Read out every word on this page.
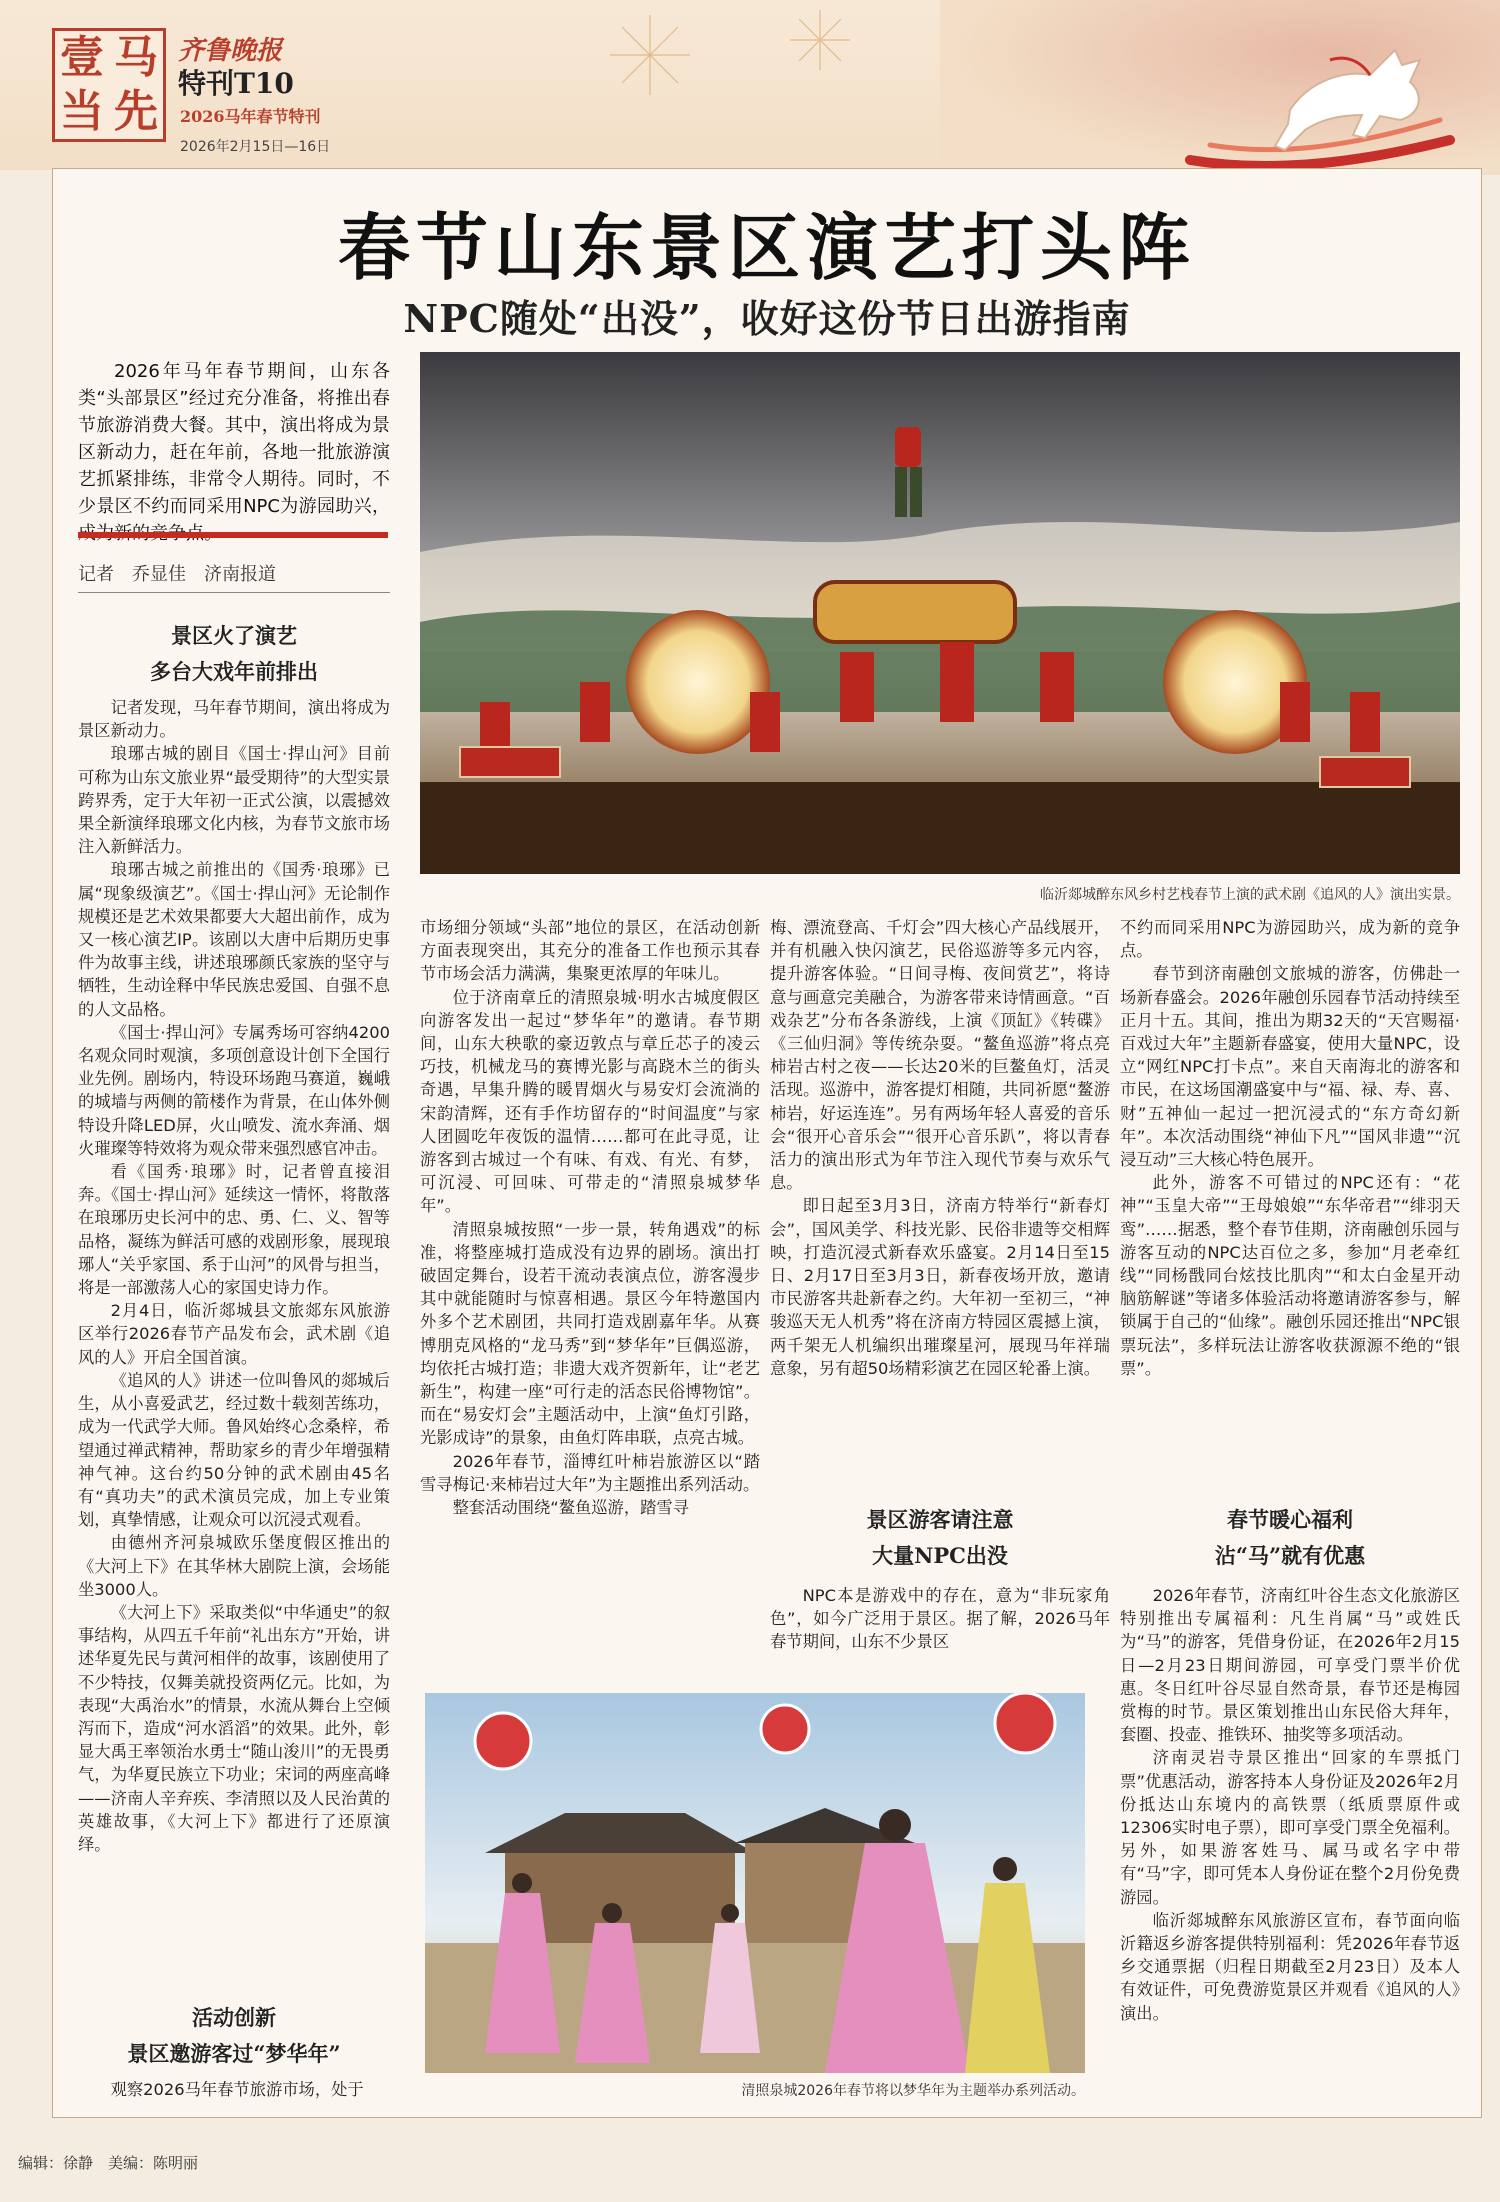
壹 马
当 先
齐鲁晚报
特刊T10
2026马年春节特刊
2026年2月15日—16日
春节山东景区演艺打头阵
NPC随处“出没”，收好这份节日出游指南

2026年马年春节期间，山东各类“头部景区”经过充分准备，将推出春节旅游消费大餐。其中，演出将成为景区新动力，赶在年前，各地一批旅游演艺抓紧排练，非常令人期待。同时，不少景区不约而同采用NPC为游园助兴，

记者　乔显佳　济南报道
景区火了演艺
多台大戏年前排出

记者发现，马年春节期间，演出将成为景区新动力。

琅琊古城的剧目《国士·捍山河》目前可称为山东文旅业界“最受期待”的大型实景跨界秀，定于大年初一正式公演，以震撼效果全新演绎琅琊文化内核，为春节文旅市场注入新鲜活力。

琅琊古城之前推出的《国秀·琅琊》已属“现象级演艺”。《国士·捍山河》无论制作规模还是艺术效果都要大大超出前作，成为又一核心演艺IP。该剧以大唐中后期历史事件为故事主线，讲述琅琊颜氏家族的坚守与牺牲，生动诠释中华民族忠爱国、自强不息的人文品格。

《国士·捍山河》专属秀场可容纳4200名观众同时观演，多项创意设计创下全国行业先例。剧场内，特设环场跑马赛道，巍峨的城墙与两侧的箭楼作为背景，在山体外侧特设升降LED屏，火山喷发、流水奔涌、烟火璀璨等特效将为观众带来强烈感官冲击。

看《国秀·琅琊》时，记者曾直接泪奔。《国士·捍山河》延续这一情怀，将散落在琅琊历史长河中的忠、勇、仁、义、智等品格，凝练为鲜活可感的戏剧形象，展现琅琊人“关乎家国、系于山河”的风骨与担当，将是一部激荡人心的家国史诗力作。

2月4日，临沂郯城县文旅郯东风旅游区举行2026春节产品发布会，武术剧《追风的人》开启全国首演。

《追风的人》讲述一位叫鲁风的郯城后生，从小喜爱武艺，经过数十载刻苦练功，成为一代武学大师。鲁风始终心念桑梓，希望通过禅武精神，帮助家乡的青少年增强精神气神。这台约50分钟的武术剧由45名有“真功夫”的武术演员完成，加上专业策划，真挚情感，让观众可以沉浸式观看。

由德州齐河泉城欧乐堡度假区推出的《大河上下》在其华林大剧院上演，会场能坐3000人。

《大河上下》采取类似“中华通史”的叙事结构，从四五千年前“礼出东方”开始，讲述华夏先民与黄河相伴的故事，该剧使用了不少特技，仅舞美就投资两亿元。比如，为表现“大禹治水”的情景，水流从舞台上空倾泻而下，造成“河水滔滔”的效果。此外，彰显大禹王率领治水勇士“随山浚川”的无畏勇气，为华夏民族立下功业；宋词的两座高峰——济南人辛弃疾、李清照以及人民治黄的英雄故事，《大河上下》都进行了还原演绎。

活动创新
景区邀游客过“梦华年”

观察2026马年春节旅游市场，处于

临沂郯城醉东风乡村艺栈春节上演的武术剧《追风的人》演出实景。

市场细分领域“头部”地位的景区，在活动创新方面表现突出，其充分的准备工作也预示其春节市场会活力满满，集聚更浓厚的年味儿。

位于济南章丘的清照泉城·明水古城度假区向游客发出一起过“梦华年”的邀请。春节期间，山东大秧歌的豪迈敦点与章丘芯子的凌云巧技，机械龙马的赛博光影与高跷木兰的街头奇遇，早集升腾的暖胃烟火与易安灯会流淌的宋韵清辉，还有手作坊留存的“时间温度”与家人团圆吃年夜饭的温情……都可在此寻觅，让游客到古城过一个有味、有戏、有光、有梦，可沉浸、可回味、可带走的“清照泉城梦华年”。

清照泉城按照“一步一景，转角遇戏”的标准，将整座城打造成没有边界的剧场。演出打破固定舞台，设若干流动表演点位，游客漫步其中就能随时与惊喜相遇。景区今年特邀国内外多个艺术剧团，共同打造戏剧嘉年华。从赛博朋克风格的“龙马秀”到“梦华年”巨偶巡游，均依托古城打造；非遗大戏齐贺新年，让“老艺新生”，构建一座“可行走的活态民俗博物馆”。而在“易安灯会”主题活动中，上演“鱼灯引路，光影成诗”的景象，由鱼灯阵串联，点亮古城。

2026年春节，淄博红叶柿岩旅游区以“踏雪寻梅记·来柿岩过大年”为主题推出系列活动。

整套活动围绕“鳌鱼巡游，踏雪寻

梅、漂流登高、千灯会”四大核心产品线展开，并有机融入快闪演艺，民俗巡游等多元内容，提升游客体验。“日间寻梅、夜间赏艺”，将诗意与画意完美融合，为游客带来诗情画意。“百戏杂艺”分布各条游线，上演《顶缸》《转碟》《三仙归洞》等传统杂耍。“鳌鱼巡游”将点亮柿岩古村之夜——长达20米的巨鳌鱼灯，活灵活现。巡游中，游客提灯相随，共同祈愿“鳌游柿岩，好运连连”。另有两场年轻人喜爱的音乐会“很开心音乐会”“很开心音乐趴”，将以青春活力的演出形式为年节注入现代节奏与欢乐气息。

即日起至3月3日，济南方特举行“新春灯会”，国风美学、科技光影、民俗非遗等交相辉映，打造沉浸式新春欢乐盛宴。2月14日至15日、2月17日至3月3日，新春夜场开放，邀请市民游客共赴新春之约。大年初一至初三，“神骏巡天无人机秀”将在济南方特园区震撼上演，两千架无人机编织出璀璨星河，展现马年祥瑞意象，另有超50场精彩演艺在园区轮番上演。

景区游客请注意
大量NPC出没

NPC本是游戏中的存在，意为“非玩家角色”，如今广泛用于景区。据了解，2026马年春节期间，山东不少景区

不约而同采用NPC为游园助兴，成为新的竞争点。

春节到济南融创文旅城的游客，仿佛赴一场新春盛会。2026年融创乐园春节活动持续至正月十五。其间，推出为期32天的“天宫赐福·百戏过大年”主题新春盛宴，使用大量NPC，设立“网红NPC打卡点”。来自天南海北的游客和市民，在这场国潮盛宴中与“福、禄、寿、喜、财”五神仙一起过一把沉浸式的“东方奇幻新年”。本次活动围绕“神仙下凡”“国风非遗”“沉浸互动”三大核心特色展开。

此外，游客不可错过的NPC还有：“花神”“玉皇大帝”“王母娘娘”“东华帝君”“绯羽天鸾”……据悉，整个春节佳期，济南融创乐园与游客互动的NPC达百位之多，参加“月老牵红线”“同杨戬同台炫技比肌肉”“和太白金星开动脑筋解谜”等诸多体验活动将邀请游客参与，解锁属于自己的“仙缘”。融创乐园还推出“NPC银票玩法”，多样玩法让游客收获源源不绝的“银票”。

春节暖心福利
沾“马”就有优惠

2026年春节，济南红叶谷生态文化旅游区特别推出专属福利：凡生肖属“马”或姓氏为“马”的游客，凭借身份证，在2026年2月15日—2月23日期间游园，可享受门票半价优惠。冬日红叶谷尽显自然奇景，春节还是梅园赏梅的时节。景区策划推出山东民俗大拜年，套圈、投壶、推铁环、抽奖等多项活动。

济南灵岩寺景区推出“回家的车票抵门票”优惠活动，游客持本人身份证及2026年2月份抵达山东境内的高铁票（纸质票原件或12306实时电子票），即可享受门票全免福利。另外，如果游客姓马、属马或名字中带有“马”字，即可凭本人身份证在整个2月份免费游园。

临沂郯城醉东风旅游区宣布，春节面向临沂籍返乡游客提供特别福利：凭2026年春节返乡交通票据（归程日期截至2月23日）及本人有效证件，可免费游览景区并观看《追风的人》演出。

清照泉城2026年春节将以梦华年为主题举办系列活动。
编辑：徐静　美编：陈明丽
